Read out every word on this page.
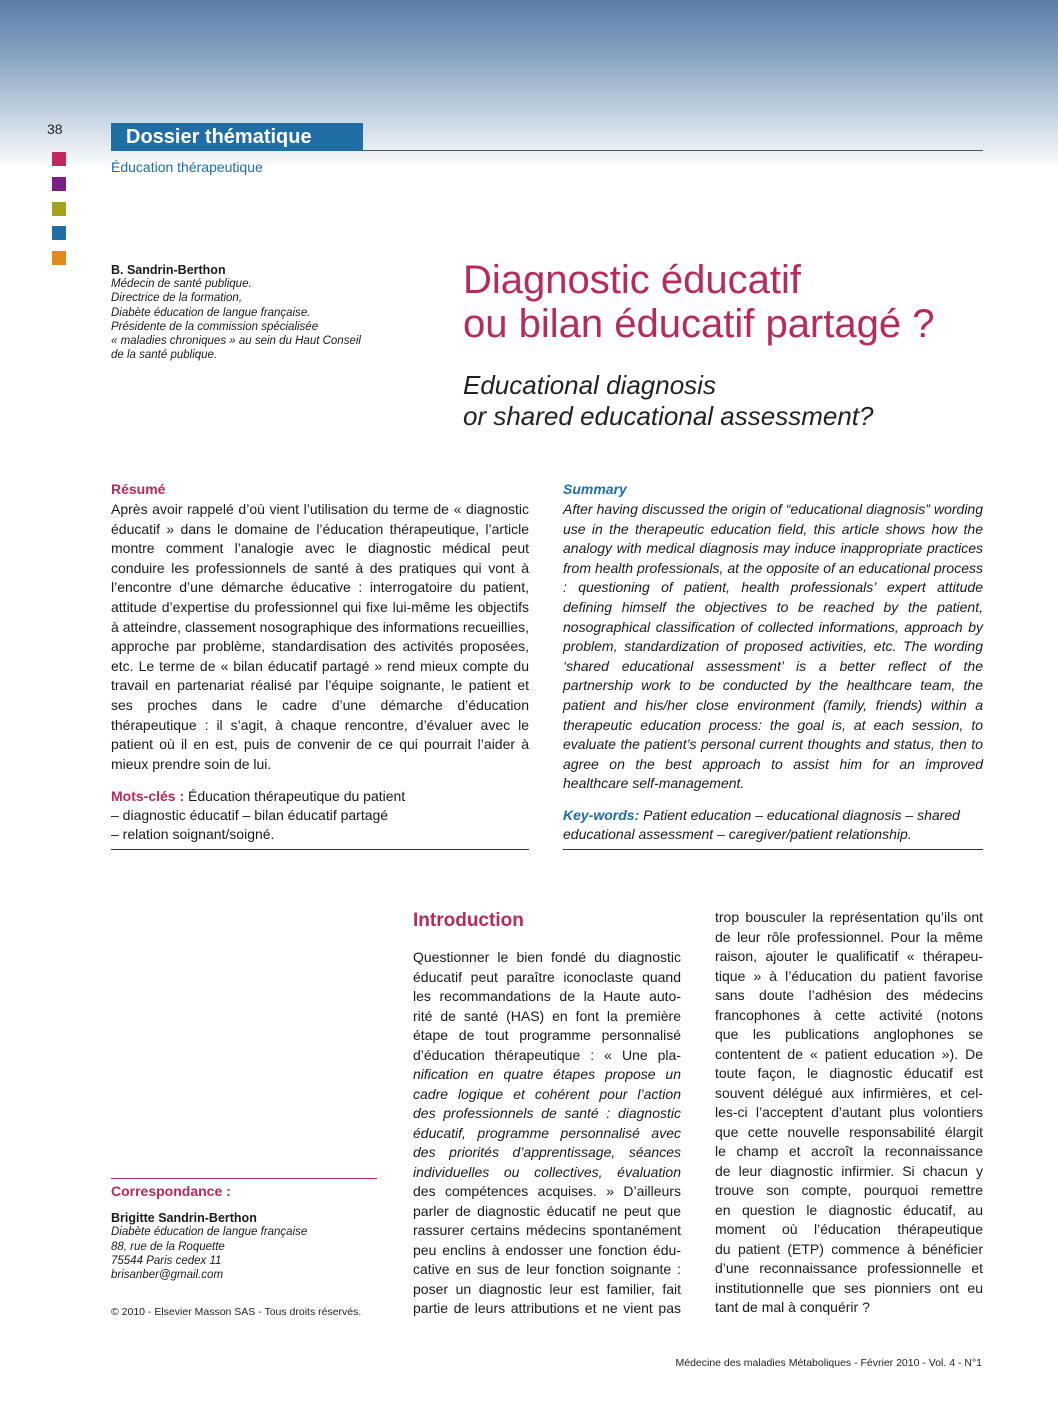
38	Dossier thématique
Éducation thérapeutique
B. Sandrin-Berthon
Médecin de santé publique.
Directrice de la formation,
Diabète éducation de langue française.
Présidente de la commission spécialisée
« maladies chroniques » au sein du Haut Conseil
de la santé publique.
Diagnostic éducatif
ou bilan éducatif partagé ?
Educational diagnosis
or shared educational assessment?
Résumé

Après avoir rappelé d’où vient l’utilisation du terme de « diagnostic éducatif » dans le domaine de l’éducation thérapeutique, l’article montre comment l’analogie avec le diagnostic médical peut conduire les professionnels de santé à des pratiques qui vont à l’encontre d’une démarche éducative : interrogatoire du patient, attitude d’expertise du professionnel qui fixe lui-même les objectifs à atteindre, classement nosographique des informations recueillies, approche par problème, standardisation des activités proposées, etc. Le terme de « bilan éducatif partagé » rend mieux compte du travail en partenariat réalisé par l’équipe soignante, le patient et ses proches dans le cadre d’une démarche d’éducation thérapeutique : il s’agit, à chaque rencontre, d’évaluer avec le patient où il en est, puis de convenir de ce qui pourrait l’aider à mieux prendre soin de lui.

Mots-clés : Éducation thérapeutique du patient
– diagnostic éducatif – bilan éducatif partagé
– relation soignant/soigné.
Summary

After having discussed the origin of “educational diagnosis” wording use in the therapeutic education field, this article shows how the analogy with medical diagnosis may induce inappropriate practices from health professionals, at the opposite of an educational process : questioning of patient, health professionals’ expert attitude defining himself the objectives to be reached by the patient, nosographical classification of collected informations, approach by problem, standardization of proposed activities, etc. The wording ‘shared educational assessment’ is a better reflect of the partnership work to be conducted by the healthcare team, the patient and his/her close environment (family, friends) within a therapeutic education process: the goal is, at each session, to evaluate the patient’s personal current thoughts and status, then to agree on the best approach to assist him for an improved healthcare self-management.

Key-words: Patient education – educational diagnosis – shared
educational assessment – caregiver/patient relationship.
Introduction
Questionner le bien fondé du diagnostic
éducatif peut paraître iconoclaste quand
les recommandations de la Haute auto-
rité de santé (HAS) en font la première
étape de tout programme personnalisé
d’éducation thérapeutique : « Une pla-
nification en quatre étapes propose un
cadre logique et cohérent pour l’action
des professionnels de santé : diagnostic
éducatif, programme personnalisé avec
des priorités d’apprentissage, séances
individuelles ou collectives, évaluation
des compétences acquises. » D’ailleurs
parler de diagnostic éducatif ne peut que
rassurer certains médecins spontanément
peu enclins à endosser une fonction édu-
cative en sus de leur fonction soignante :
poser un diagnostic leur est familier, fait
partie de leurs attributions et ne vient pas
trop bousculer la représentation qu’ils ont
de leur rôle professionnel. Pour la même
raison, ajouter le qualificatif « thérapeu-
tique » à l’éducation du patient favorise
sans doute l’adhésion des médecins
francophones à cette activité (notons
que les publications anglophones se
contentent de « patient education »). De
toute façon, le diagnostic éducatif est
souvent délégué aux infirmières, et cel-
les-ci l’acceptent d’autant plus volontiers
que cette nouvelle responsabilité élargit
le champ et accroît la reconnaissance
de leur diagnostic infirmier. Si chacun y
trouve son compte, pourquoi remettre
en question le diagnostic éducatif, au
moment où l’éducation thérapeutique
du patient (ETP) commence à bénéficier
d’une reconnaissance professionnelle et
institutionnelle que ses pionniers ont eu
tant de mal à conquérir ?
Correspondance :
Brigitte Sandrin-Berthon
Diabète éducation de langue française
88, rue de la Roquette
75544 Paris cedex 11
brisanber@gmail.com
© 2010 - Elsevier Masson SAS - Tous droits réservés.
Médecine des maladies Métaboliques - Février 2010 - Vol. 4 - N°1
